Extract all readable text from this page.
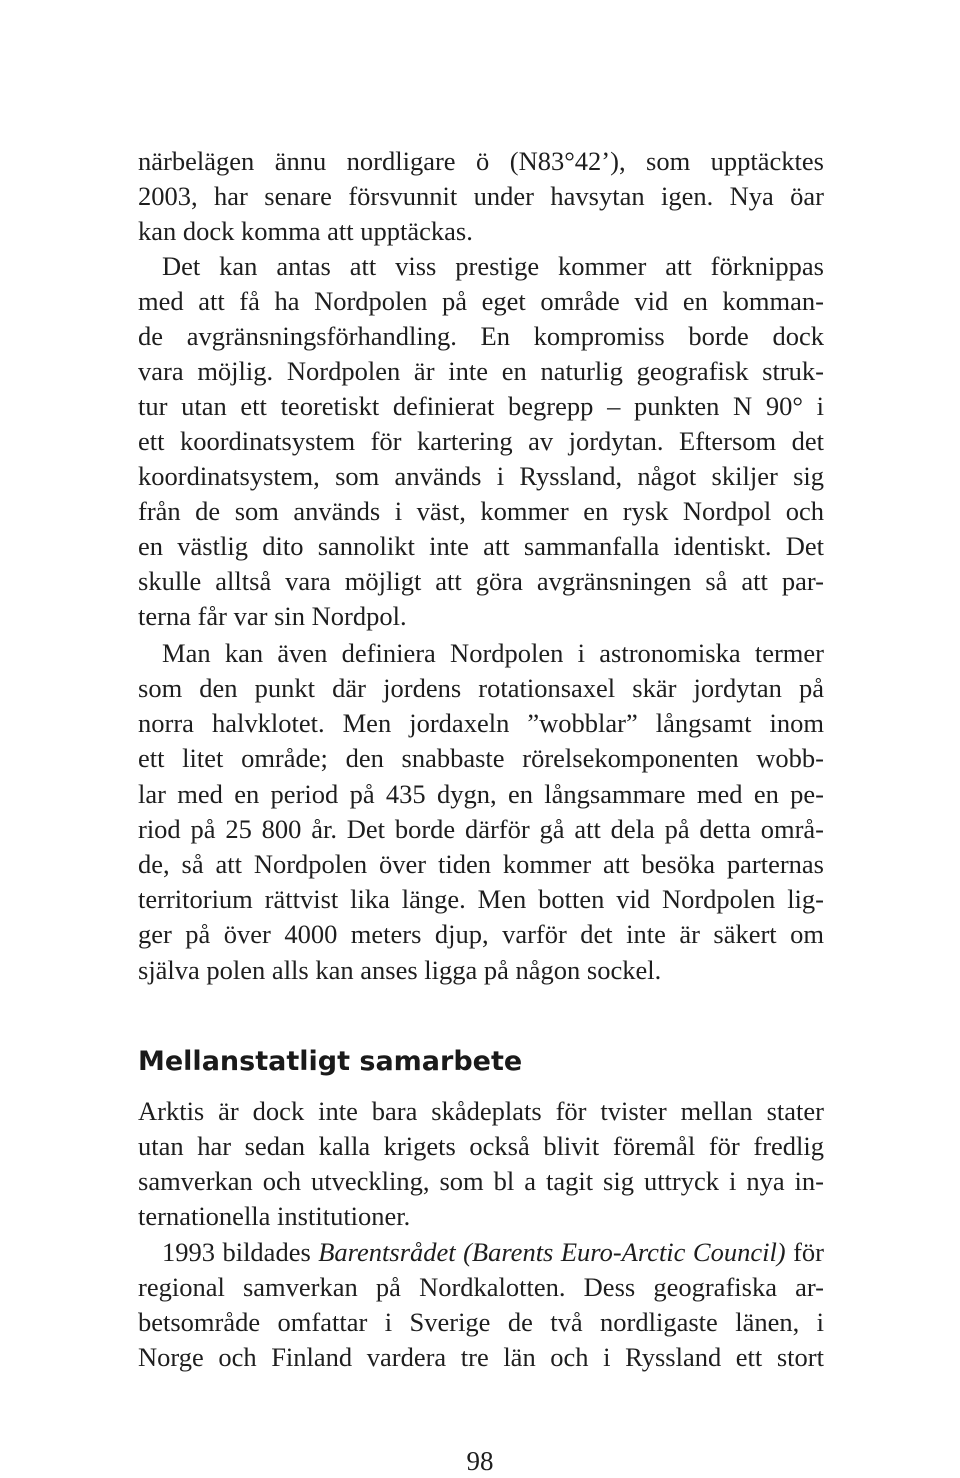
närbelägen ännu nordligare ö (N83°42’), som upptäcktes
2003, har senare försvunnit under havsytan igen. Nya öar
kan dock komma att upptäckas.
Det kan antas att viss prestige kommer att förknippas
med att få ha Nordpolen på eget område vid en komman-
de avgränsningsförhandling. En kompromiss borde dock
vara möjlig. Nordpolen är inte en naturlig geografisk struk-
tur utan ett teoretiskt definierat begrepp – punkten N 90° i
ett koordinatsystem för kartering av jordytan. Eftersom det
koordinatsystem, som används i Ryssland, något skiljer sig
från de som används i väst, kommer en rysk Nordpol och
en västlig dito sannolikt inte att sammanfalla identiskt. Det
skulle alltså vara möjligt att göra avgränsningen så att par-
terna får var sin Nordpol.
Man kan även definiera Nordpolen i astronomiska termer
som den punkt där jordens rotationsaxel skär jordytan på
norra halvklotet. Men jordaxeln ”wobblar” långsamt inom
ett litet område; den snabbaste rörelsekomponenten wobb-
lar med en period på 435 dygn, en långsammare med en pe-
riod på 25 800 år. Det borde därför gå att dela på detta områ-
de, så att Nordpolen över tiden kommer att besöka parternas
territorium rättvist lika länge. Men botten vid Nordpolen lig-
ger på över 4000 meters djup, varför det inte är säkert om
själva polen alls kan anses ligga på någon sockel.
Mellanstatligt samarbete
Arktis är dock inte bara skådeplats för tvister mellan stater
utan har sedan kalla krigets också blivit föremål för fredlig
samverkan och utveckling, som bl a tagit sig uttryck i nya in-
ternationella institutioner.
1993 bildades Barentsrådet (Barents Euro-Arctic Council) för
regional samverkan på Nordkalotten. Dess geografiska ar-
betsområde omfattar i Sverige de två nordligaste länen, i
Norge och Finland vardera tre län och i Ryssland ett stort
98
